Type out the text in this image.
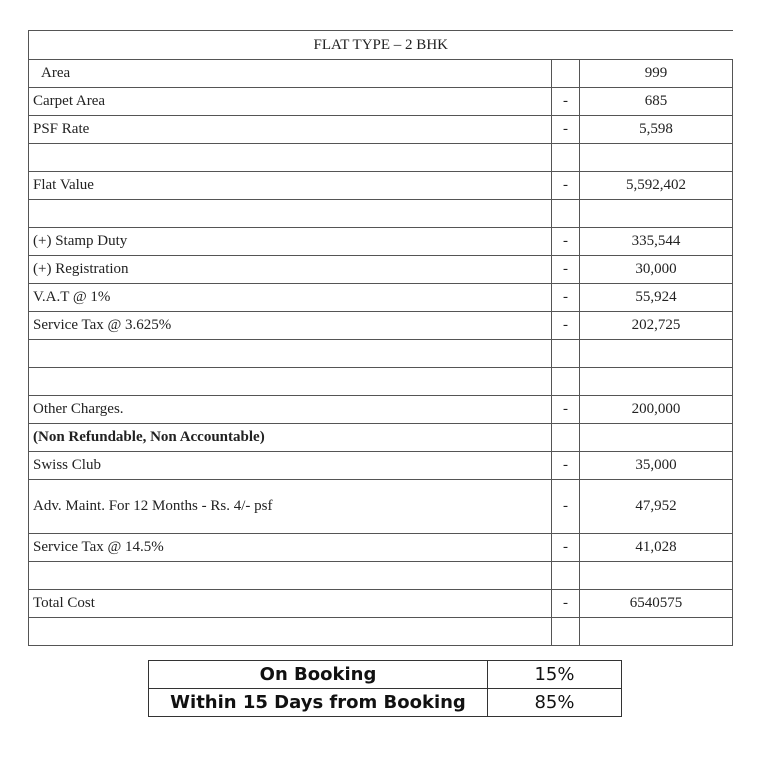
FLAT TYPE – 2 BHK		
Area		999
Carpet Area	-	685
PSF Rate	-	5,598

Flat Value	-	5,592,402

(+) Stamp Duty	-	335,544
(+) Registration	-	30,000
V.A.T @ 1%	-	55,924
Service Tax @ 3.625%	-	202,725

Other Charges.	-	200,000
(Non Refundable, Non Accountable)		
Swiss Club	-	35,000
Adv. Maint. For 12 Months - Rs. 4/- psf	-	47,952
Service Tax @ 14.5%	-	41,028

Total Cost	-	6540575

On Booking	15%
Within 15 Days from Booking	85%
